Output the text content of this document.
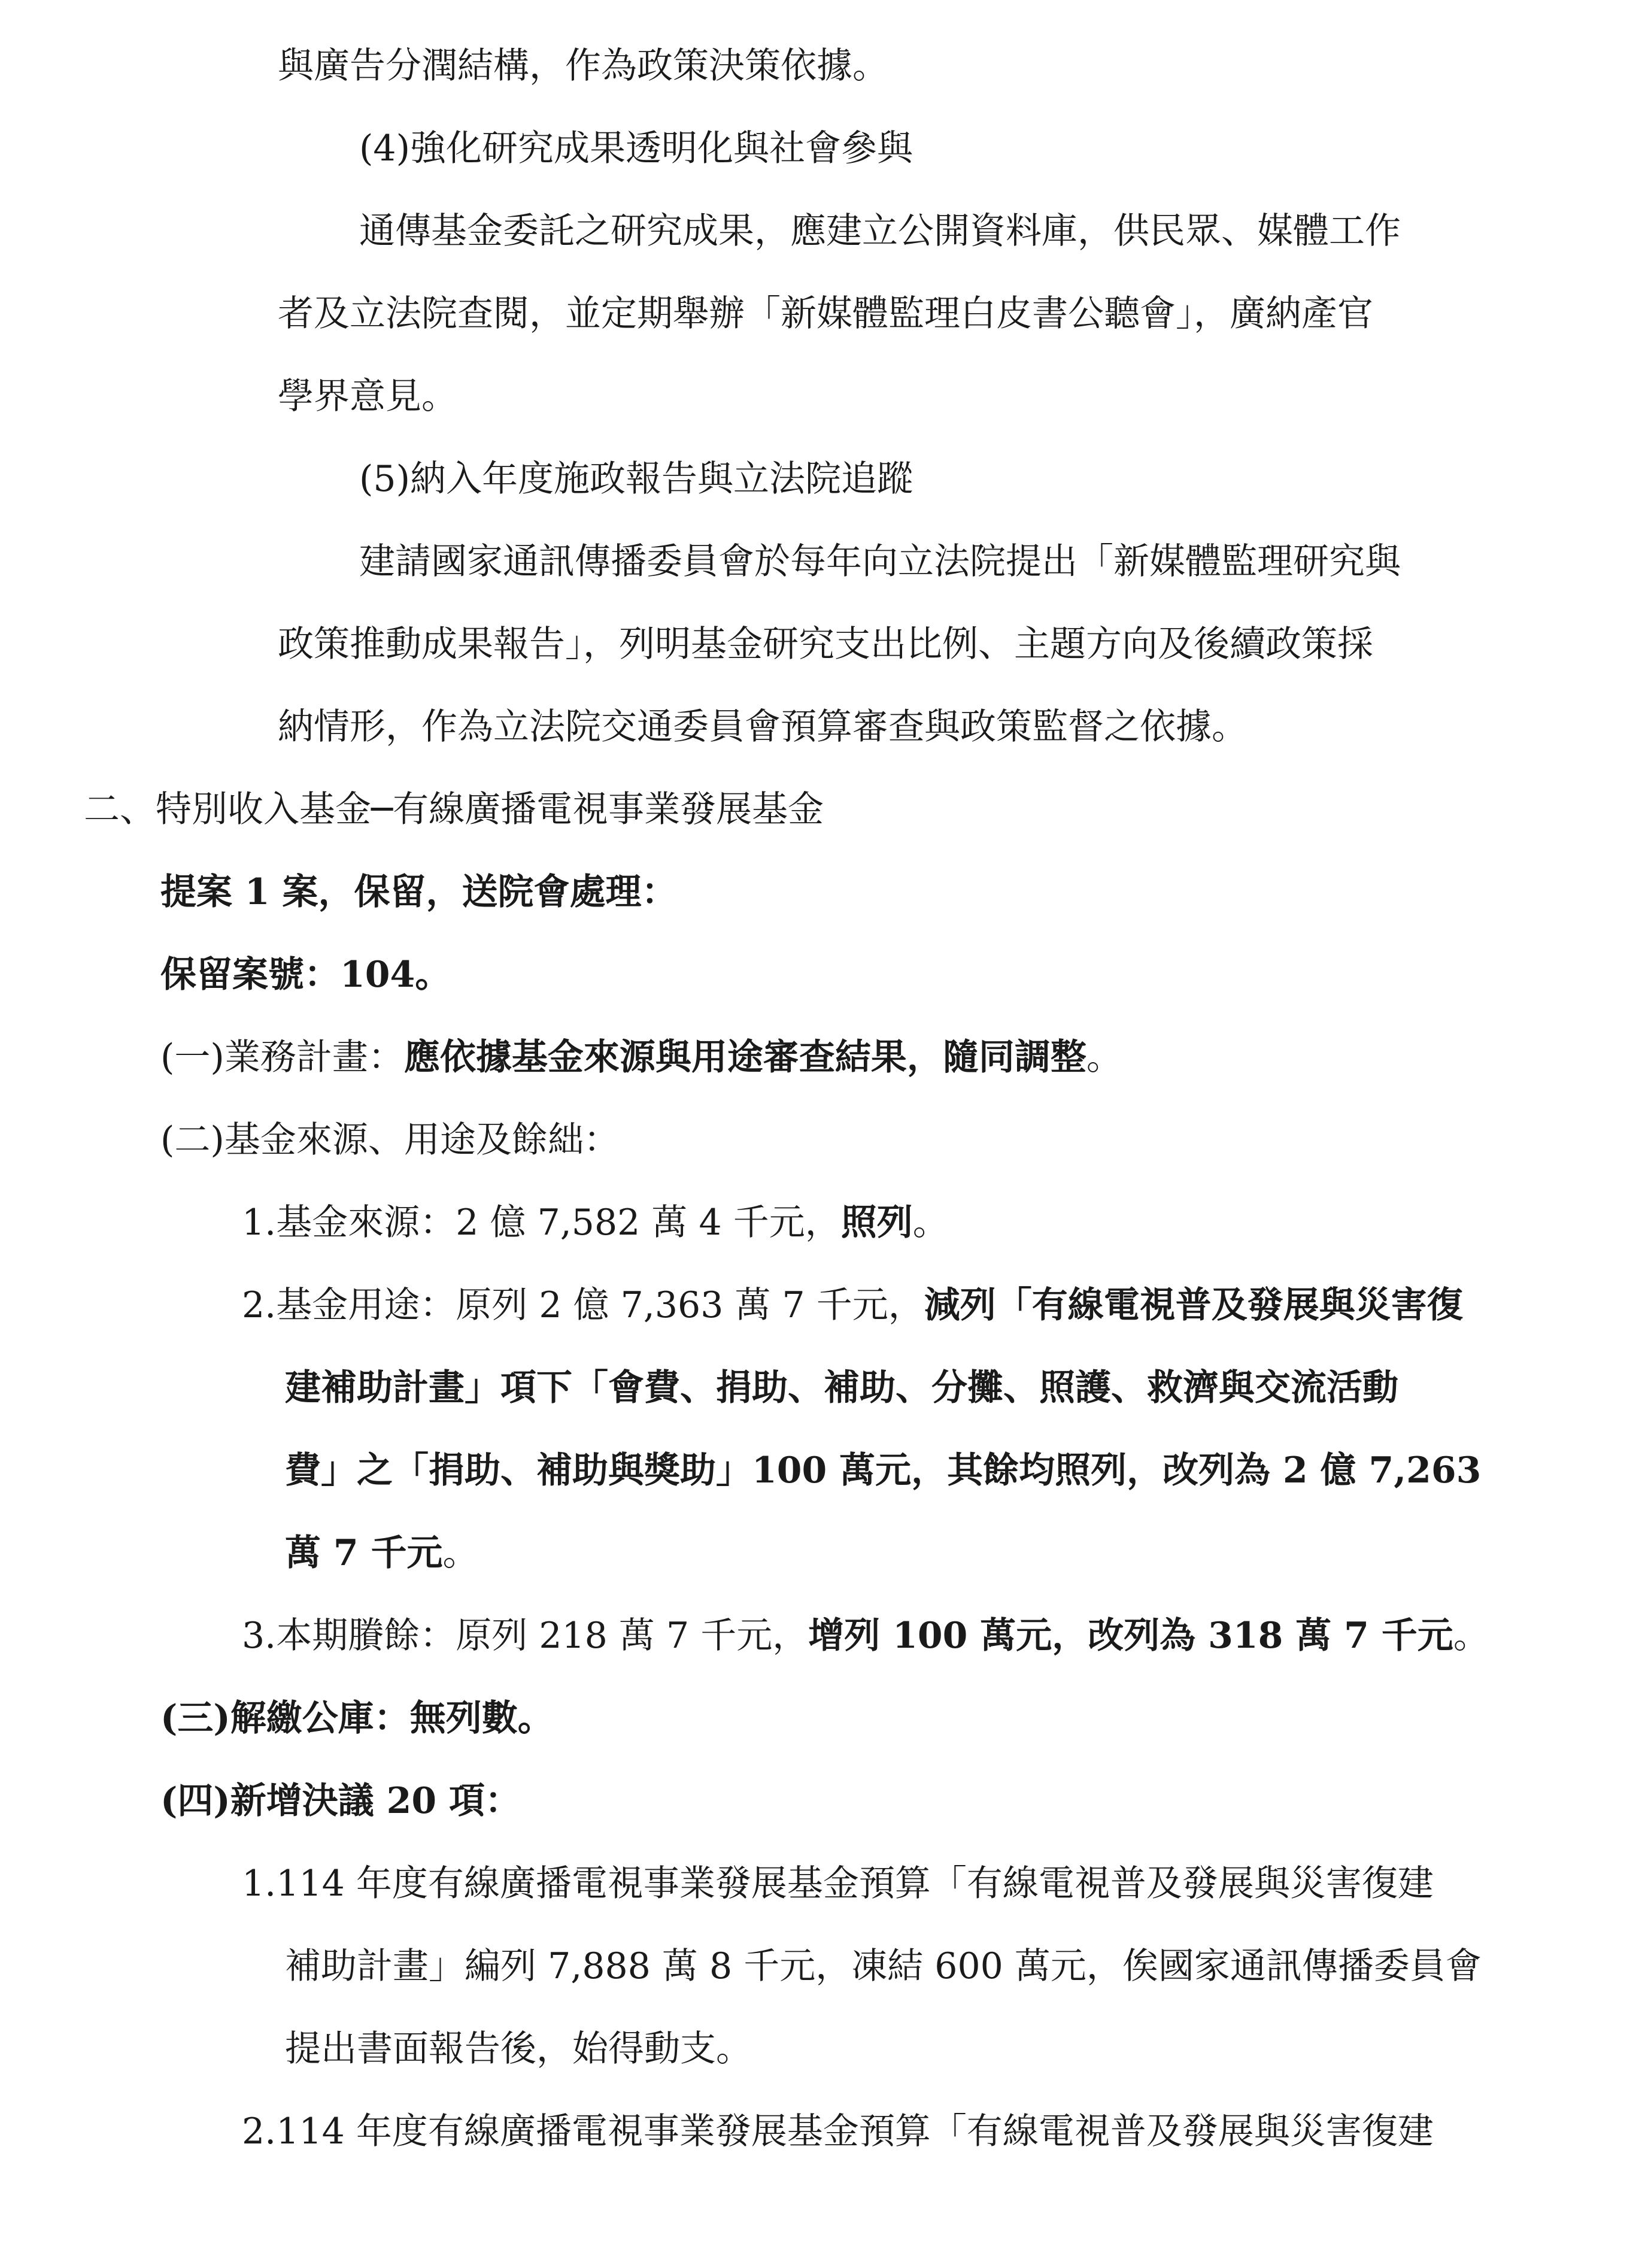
與廣告分潤結構，作為政策決策依據。
(4)強化研究成果透明化與社會參與
通傳基金委託之研究成果，應建立公開資料庫，供民眾、媒體工作
者及立法院查閱，並定期舉辦「新媒體監理白皮書公聽會」，廣納產官
學界意見。
(5)納入年度施政報告與立法院追蹤
建請國家通訊傳播委員會於每年向立法院提出「新媒體監理研究與
政策推動成果報告」，列明基金研究支出比例、主題方向及後續政策採
納情形，作為立法院交通委員會預算審查與政策監督之依據。
二、特別收入基金─有線廣播電視事業發展基金
提案 1 案，保留，送院會處理：
保留案號：104。
(一)業務計畫：應依據基金來源與用途審查結果，隨同調整。
(二)基金來源、用途及餘絀：
1.基金來源：2 億 7,582 萬 4 千元，照列。
2.基金用途：原列 2 億 7,363 萬 7 千元，減列「有線電視普及發展與災害復
建補助計畫」項下「會費、捐助、補助、分攤、照護、救濟與交流活動
費」之「捐助、補助與獎助」100 萬元，其餘均照列，改列為 2 億 7,263
萬 7 千元。
3.本期賸餘：原列 218 萬 7 千元，增列 100 萬元，改列為 318 萬 7 千元。
(三)解繳公庫：無列數。
(四)新增決議 20 項：
1.114 年度有線廣播電視事業發展基金預算「有線電視普及發展與災害復建
補助計畫」編列 7,888 萬 8 千元，凍結 600 萬元，俟國家通訊傳播委員會
提出書面報告後，始得動支。
2.114 年度有線廣播電視事業發展基金預算「有線電視普及發展與災害復建
